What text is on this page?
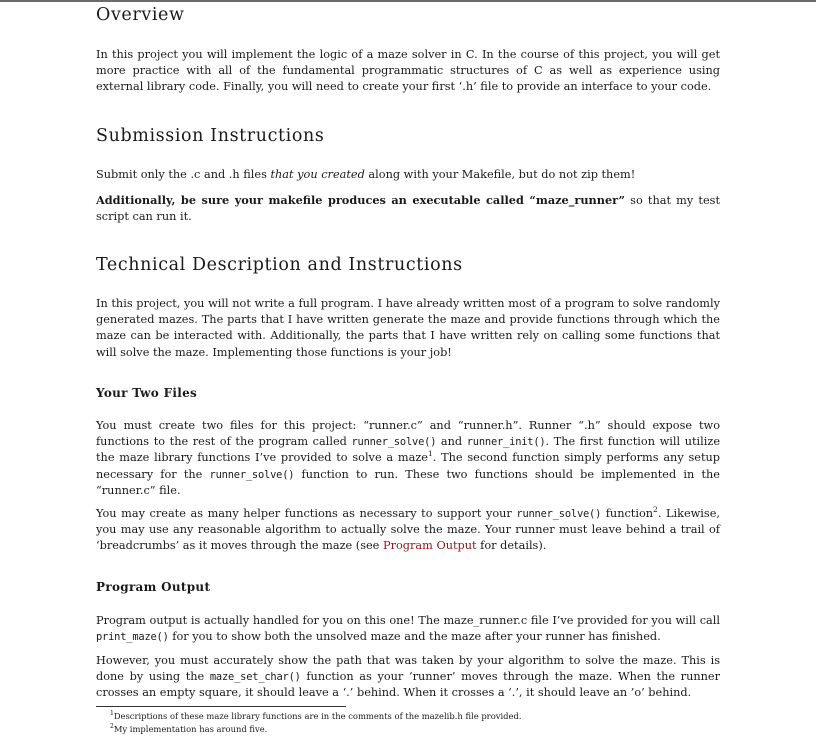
Overview

In this project you will implement the logic of a maze solver in C. In the course of this project, you will get more practice with all of the fundamental programmatic structures of C as well as experience using external library code. Finally, you will need to create your first ‘.h’ file to provide an interface to your code.

Submission Instructions

Submit only the .c and .h files that you created along with your Makefile, but do not zip them!

Additionally, be sure your makefile produces an executable called “maze_runner” so that my test script can run it.

Technical Description and Instructions

In this project, you will not write a full program. I have already written most of a program to solve randomly generated mazes. The parts that I have written generate the maze and provide functions through which the maze can be interacted with. Additionally, the parts that I have written rely on calling some functions that will solve the maze. Implementing those functions is your job!

Your Two Files

You must create two files for this project: “runner.c” and “runner.h”. Runner “.h” should expose two functions to the rest of the program called runner_solve() and runner_init(). The first function will utilize the maze library functions I’ve provided to solve a maze$^1$. The second function simply performs any setup necessary for the runner_solve() function to run. These two functions should be implemented in the “runner.c” file.

You may create as many helper functions as necessary to support your runner_solve() function$^2$. Likewise, you may use any reasonable algorithm to actually solve the maze. Your runner must leave behind a trail of ‘breadcrumbs’ as it moves through the maze (see Program Output for details).

Program Output

Program output is actually handled for you on this one! The maze_runner.c file I’ve provided for you will call print_maze() for you to show both the unsolved maze and the maze after your runner has finished.

However, you must accurately show the path that was taken by your algorithm to solve the maze. This is done by using the maze_set_char() function as your ‘runner’ moves through the maze. When the runner crosses an empty square, it should leave a ‘.’ behind. When it crosses a ‘.’, it should leave an ’o’ behind.

$^1$Descriptions of these maze library functions are in the comments of the mazelib.h file provided.
$^2$My implementation has around five.
